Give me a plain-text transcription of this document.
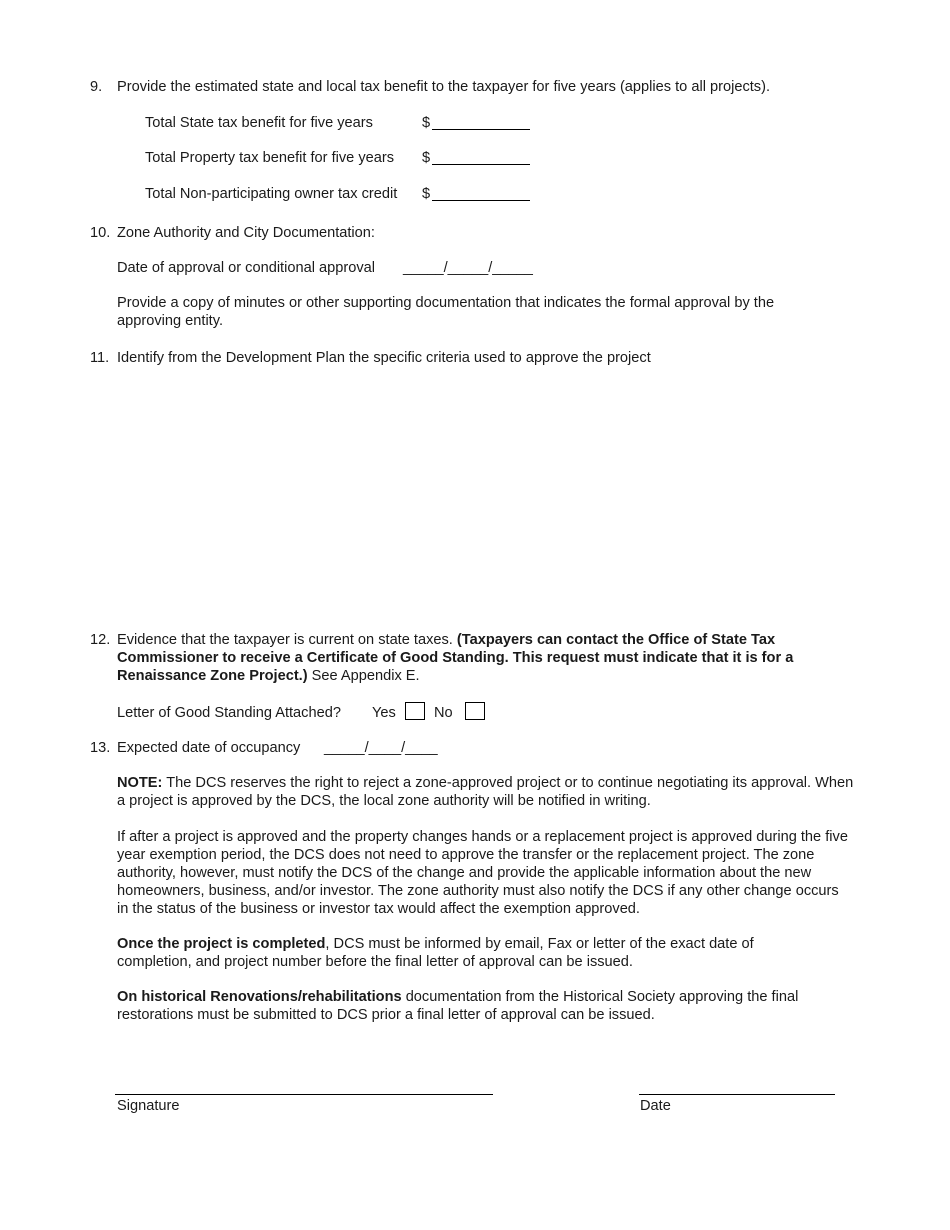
9. Provide the estimated state and local tax benefit to the taxpayer for five years (applies to all projects).
Total State tax benefit for five years	$
Total Property tax benefit for five years $
Total Non-participating owner tax credit $
10. Zone Authority and City Documentation:
Date of approval or conditional approval _____/_____/_____
Provide a copy of minutes or other supporting documentation that indicates the formal approval by the approving entity.
11. Identify from the Development Plan the specific criteria used to approve the project
12. Evidence that the taxpayer is current on state taxes. (Taxpayers can contact the Office of State Tax Commissioner to receive a Certificate of Good Standing. This request must indicate that it is for a Renaissance Zone Project.) See Appendix E.
Letter of Good Standing Attached? Yes	No
13. Expected date of occupancy _____/____/____
NOTE: The DCS reserves the right to reject a zone-approved project or to continue negotiating its approval. When a project is approved by the DCS, the local zone authority will be notified in writing.
If after a project is approved and the property changes hands or a replacement project is approved during the five year exemption period, the DCS does not need to approve the transfer or the replacement project. The zone authority, however, must notify the DCS of the change and provide the applicable information about the new homeowners, business, and/or investor. The zone authority must also notify the DCS if any other change occurs in the status of the business or investor tax would affect the exemption approved.
Once the project is completed, DCS must be informed by email, Fax or letter of the exact date of completion, and project number before the final letter of approval can be issued.
On historical Renovations/rehabilitations documentation from the Historical Society approving the final restorations must be submitted to DCS prior a final letter of approval can be issued.
Signature	Date
